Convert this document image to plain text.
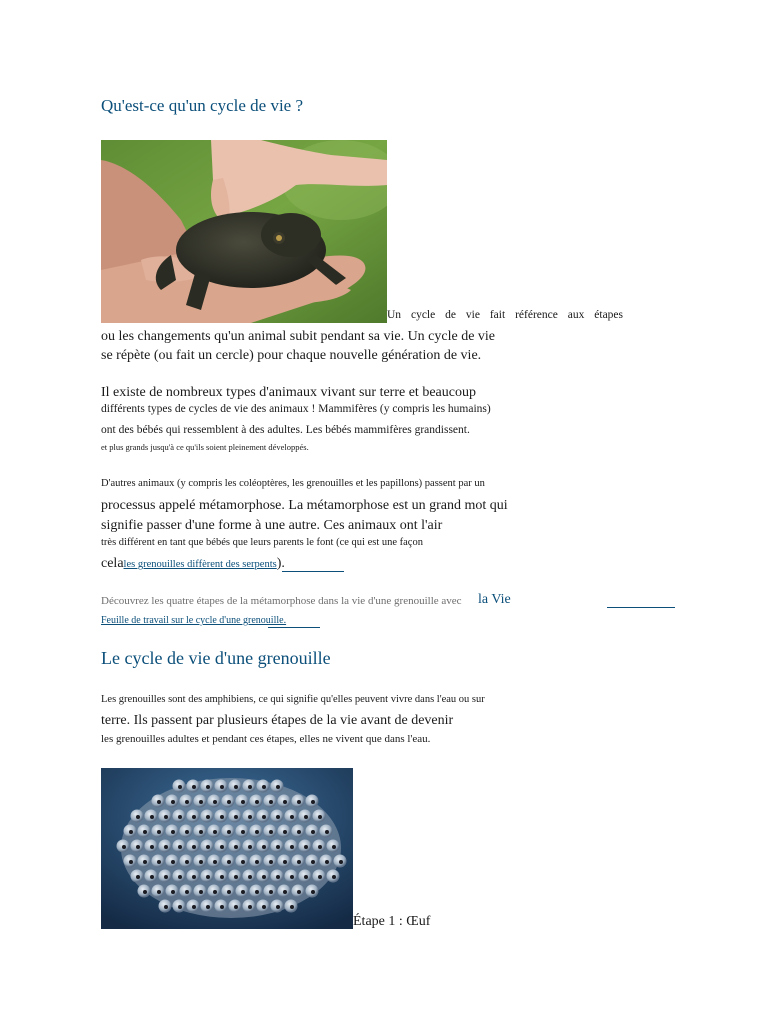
Qu'est-ce qu'un cycle de vie ?
Un cycle de vie fait référence aux étapes
ou les changements qu'un animal subit pendant sa vie. Un cycle de vie
se répète (ou fait un cercle) pour chaque nouvelle génération de vie.
Il existe de nombreux types d'animaux vivant sur terre et beaucoup
différents types de cycles de vie des animaux ! Mammifères (y compris les humains)
ont des bébés qui ressemblent à des adultes. Les bébés mammifères grandissent.
et plus grands jusqu'à ce qu'ils soient pleinement développés.
D'autres animaux (y compris les coléoptères, les grenouilles et les papillons) passent par un
processus appelé métamorphose. La métamorphose est un grand mot qui
signifie passer d'une forme à une autre. Ces animaux ont l'air
très différent en tant que bébés que leurs parents le font (ce qui est une façon
celales grenouilles diffèrent des serpents).
Découvrez les quatre étapes de la métamorphose dans la vie d'une grenouille avec la Vie
Feuille de travail sur le cycle d'une grenouille.
Le cycle de vie d'une grenouille
Les grenouilles sont des amphibiens, ce qui signifie qu'elles peuvent vivre dans l'eau ou sur
terre. Ils passent par plusieurs étapes de la vie avant de devenir
les grenouilles adultes et pendant ces étapes, elles ne vivent que dans l'eau.
Étape 1 : Œuf
